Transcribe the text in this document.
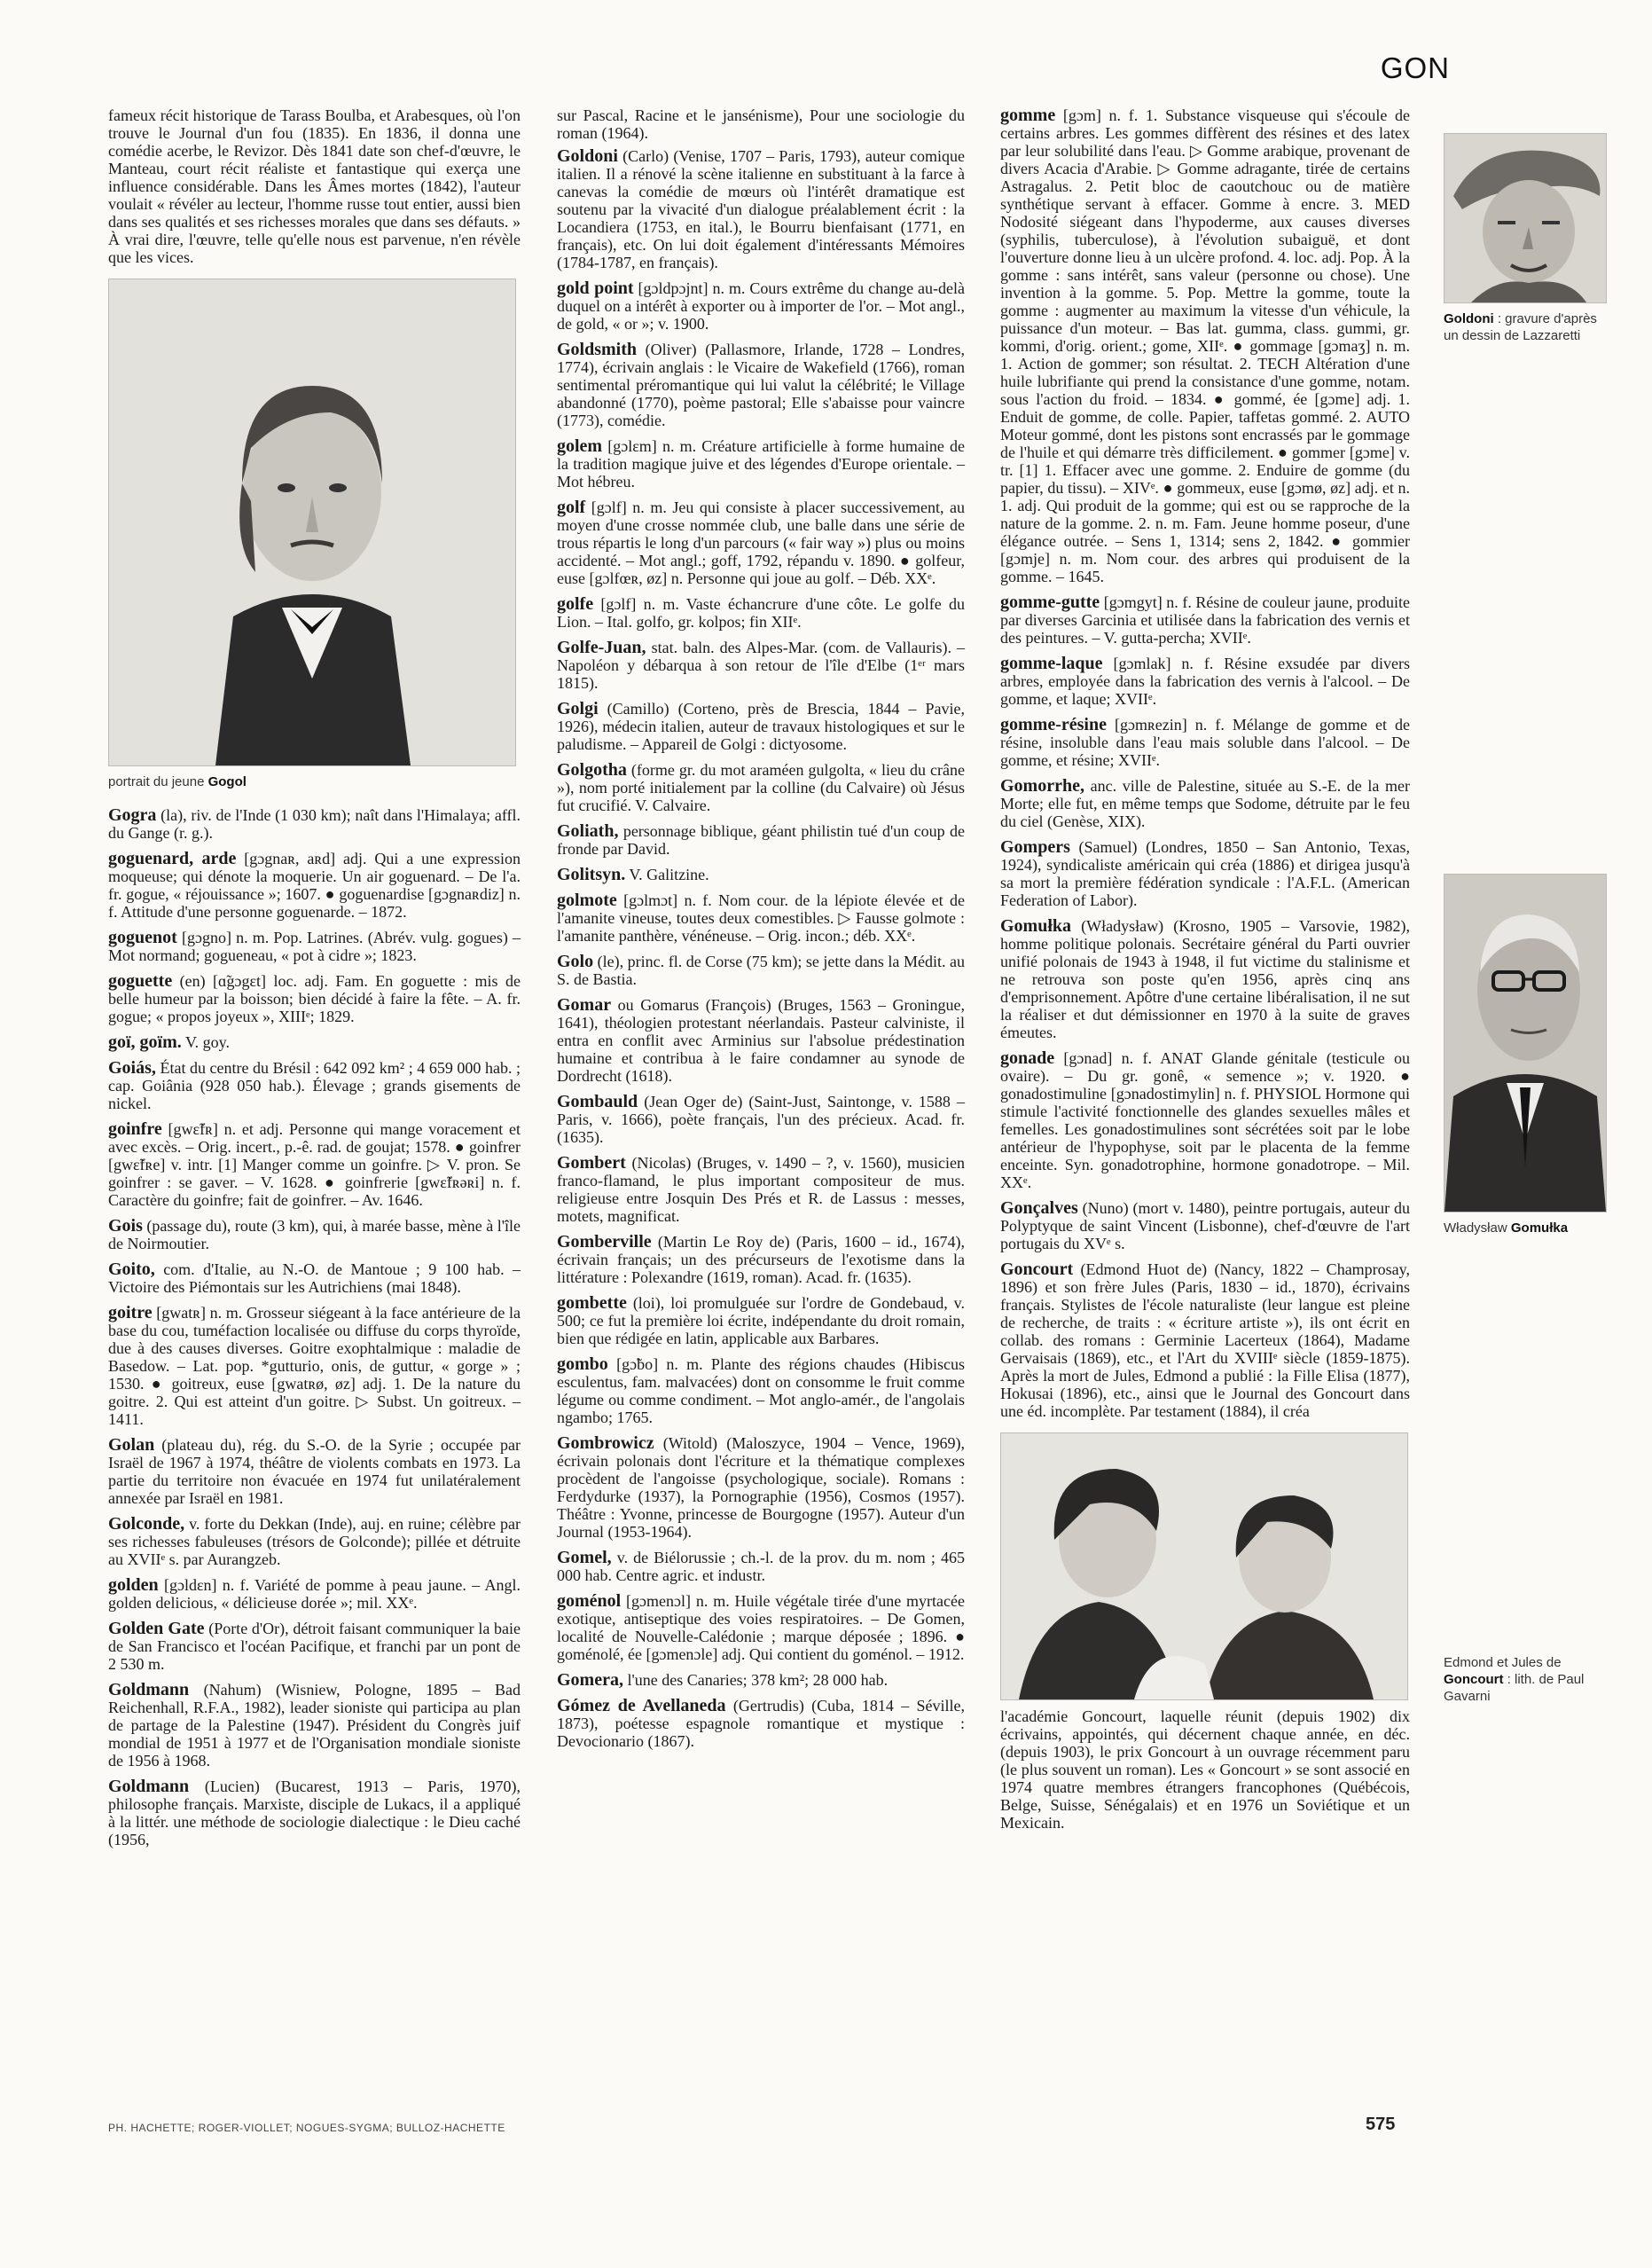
GON
fameux récit historique de Tarass Boulba, et Arabesques, où l'on trouve le Journal d'un fou (1835). En 1836, il donna une comédie acerbe, le Revizor. Dès 1841 date son chef-d'œuvre, le Manteau, court récit réaliste et fantastique qui exerça une influence considérable. Dans les Âmes mortes (1842), l'auteur voulait « révéler au lecteur, l'homme russe tout entier, aussi bien dans ses qualités et ses richesses morales que dans ses défauts. » À vrai dire, l'œuvre, telle qu'elle nous est parvenue, n'en révèle que les vices.
portrait du jeune Gogol
Gogra (la), riv. de l'Inde (1 030 km); naît dans l'Himalaya; affl. du Gange (r. g.).
goguenard, arde [gɔgnaʀ, aʀd] adj. Qui a une expression moqueuse; qui dénote la moquerie. Un air goguenard. – De l'a. fr. gogue, « réjouissance »; 1607. ● goguenardise [gɔgnaʀdiz] n. f. Attitude d'une personne goguenarde. – 1872.
goguenot [gɔgno] n. m. Pop. Latrines. (Abrév. vulg. gogues) – Mot normand; gogueneau, « pot à cidre »; 1823.
goguette (en) [ɑ̃gɔgɛt] loc. adj. Fam. En goguette : mis de belle humeur par la boisson; bien décidé à faire la fête. – A. fr. gogue; « propos joyeux », XIIIᵉ; 1829.
goï, goïm. V. goy.
Goiás, État du centre du Brésil : 642 092 km² ; 4 659 000 hab. ; cap. Goiânia (928 050 hab.). Élevage ; grands gisements de nickel.
goinfre [gwɛ̃fʀ] n. et adj. Personne qui mange voracement et avec excès. – Orig. incert., p.-ê. rad. de goujat; 1578. ● goinfrer [gwɛ̃fʀe] v. intr. [1] Manger comme un goinfre. ▷ V. pron. Se goinfrer : se gaver. – V. 1628. ● goinfrerie [gwɛ̃fʀəʀi] n. f. Caractère du goinfre; fait de goinfrer. – Av. 1646.
Gois (passage du), route (3 km), qui, à marée basse, mène à l'île de Noirmoutier.
Goito, com. d'Italie, au N.-O. de Mantoue ; 9 100 hab. – Victoire des Piémontais sur les Autrichiens (mai 1848).
goitre [gwatʀ] n. m. Grosseur siégeant à la face antérieure de la base du cou, tuméfaction localisée ou diffuse du corps thyroïde, due à des causes diverses. Goitre exophtalmique : maladie de Basedow. – Lat. pop. *gutturio, onis, de guttur, « gorge » ; 1530. ● goitreux, euse [gwatʀø, øz] adj. 1. De la nature du goitre. 2. Qui est atteint d'un goitre. ▷ Subst. Un goitreux. – 1411.
Golan (plateau du), rég. du S.-O. de la Syrie ; occupée par Israël de 1967 à 1974, théâtre de violents combats en 1973. La partie du territoire non évacuée en 1974 fut unilatéralement annexée par Israël en 1981.
Golconde, v. forte du Dekkan (Inde), auj. en ruine; célèbre par ses richesses fabuleuses (trésors de Golconde); pillée et détruite au XVIIᵉ s. par Aurangzeb.
golden [gɔldɛn] n. f. Variété de pomme à peau jaune. – Angl. golden delicious, « délicieuse dorée »; mil. XXᵉ.
Golden Gate (Porte d'Or), détroit faisant communiquer la baie de San Francisco et l'océan Pacifique, et franchi par un pont de 2 530 m.
Goldmann (Nahum) (Wisniew, Pologne, 1895 – Bad Reichenhall, R.F.A., 1982), leader sioniste qui participa au plan de partage de la Palestine (1947). Président du Congrès juif mondial de 1951 à 1977 et de l'Organisation mondiale sioniste de 1956 à 1968.
Goldmann (Lucien) (Bucarest, 1913 – Paris, 1970), philosophe français. Marxiste, disciple de Lukacs, il a appliqué à la littér. une méthode de sociologie dialectique : le Dieu caché (1956,
sur Pascal, Racine et le jansénisme), Pour une sociologie du roman (1964).
Goldoni (Carlo) (Venise, 1707 – Paris, 1793), auteur comique italien. Il a rénové la scène italienne en substituant à la farce à canevas la comédie de mœurs où l'intérêt dramatique est soutenu par la vivacité d'un dialogue préalablement écrit : la Locandiera (1753, en ital.), le Bourru bienfaisant (1771, en français), etc. On lui doit également d'intéressants Mémoires (1784-1787, en français).
gold point [gɔldpɔjnt] n. m. Cours extrême du change au-delà duquel on a intérêt à exporter ou à importer de l'or. – Mot angl., de gold, « or »; v. 1900.
Goldsmith (Oliver) (Pallasmore, Irlande, 1728 – Londres, 1774), écrivain anglais : le Vicaire de Wakefield (1766), roman sentimental préromantique qui lui valut la célébrité; le Village abandonné (1770), poème pastoral; Elle s'abaisse pour vaincre (1773), comédie.
golem [gɔlɛm] n. m. Créature artificielle à forme humaine de la tradition magique juive et des légendes d'Europe orientale. – Mot hébreu.
golf [gɔlf] n. m. Jeu qui consiste à placer successivement, au moyen d'une crosse nommée club, une balle dans une série de trous répartis le long d'un parcours (« fair way ») plus ou moins accidenté. – Mot angl.; goff, 1792, répandu v. 1890. ● golfeur, euse [gɔlfœʀ, øz] n. Personne qui joue au golf. – Déb. XXᵉ.
golfe [gɔlf] n. m. Vaste échancrure d'une côte. Le golfe du Lion. – Ital. golfo, gr. kolpos; fin XIIᵉ.
Golfe-Juan, stat. baln. des Alpes-Mar. (com. de Vallauris). – Napoléon y débarqua à son retour de l'île d'Elbe (1ᵉʳ mars 1815).
Golgi (Camillo) (Corteno, près de Brescia, 1844 – Pavie, 1926), médecin italien, auteur de travaux histologiques et sur le paludisme. – Appareil de Golgi : dictyosome.
Golgotha (forme gr. du mot araméen gulgolta, « lieu du crâne »), nom porté initialement par la colline (du Calvaire) où Jésus fut crucifié. V. Calvaire.
Goliath, personnage biblique, géant philistin tué d'un coup de fronde par David.
Golitsyn. V. Galitzine.
golmote [gɔlmɔt] n. f. Nom cour. de la lépiote élevée et de l'amanite vineuse, toutes deux comestibles. ▷ Fausse golmote : l'amanite panthère, vénéneuse. – Orig. incon.; déb. XXᵉ.
Golo (le), princ. fl. de Corse (75 km); se jette dans la Médit. au S. de Bastia.
Gomar ou Gomarus (François) (Bruges, 1563 – Groningue, 1641), théologien protestant néerlandais. Pasteur calviniste, il entra en conflit avec Arminius sur l'absolue prédestination humaine et contribua à le faire condamner au synode de Dordrecht (1618).
Gombauld (Jean Oger de) (Saint-Just, Saintonge, v. 1588 – Paris, v. 1666), poète français, l'un des précieux. Acad. fr. (1635).
Gombert (Nicolas) (Bruges, v. 1490 – ?, v. 1560), musicien franco-flamand, le plus important compositeur de mus. religieuse entre Josquin Des Prés et R. de Lassus : messes, motets, magnificat.
Gomberville (Martin Le Roy de) (Paris, 1600 – id., 1674), écrivain français; un des précurseurs de l'exotisme dans la littérature : Polexandre (1619, roman). Acad. fr. (1635).
gombette (loi), loi promulguée sur l'ordre de Gondebaud, v. 500; ce fut la première loi écrite, indépendante du droit romain, bien que rédigée en latin, applicable aux Barbares.
gombo [gɔ̃bo] n. m. Plante des régions chaudes (Hibiscus esculentus, fam. malvacées) dont on consomme le fruit comme légume ou comme condiment. – Mot anglo-amér., de l'angolais ngambo; 1765.
Gombrowicz (Witold) (Maloszyce, 1904 – Vence, 1969), écrivain polonais dont l'écriture et la thématique complexes procèdent de l'angoisse (psychologique, sociale). Romans : Ferdydurke (1937), la Pornographie (1956), Cosmos (1957). Théâtre : Yvonne, princesse de Bourgogne (1957). Auteur d'un Journal (1953-1964).
Gomel, v. de Biélorussie ; ch.-l. de la prov. du m. nom ; 465 000 hab. Centre agric. et industr.
goménol [gɔmenɔl] n. m. Huile végétale tirée d'une myrtacée exotique, antiseptique des voies respiratoires. – De Gomen, localité de Nouvelle-Calédonie ; marque déposée ; 1896. ● goménolé, ée [gɔmenɔle] adj. Qui contient du goménol. – 1912.
Gomera, l'une des Canaries; 378 km²; 28 000 hab.
Gómez de Avellaneda (Gertrudis) (Cuba, 1814 – Séville, 1873), poétesse espagnole romantique et mystique : Devocionario (1867).
gomme [gɔm] n. f. 1. Substance visqueuse qui s'écoule de certains arbres. Les gommes diffèrent des résines et des latex par leur solubilité dans l'eau. ▷ Gomme arabique, provenant de divers Acacia d'Arabie. ▷ Gomme adragante, tirée de certains Astragalus. 2. Petit bloc de caoutchouc ou de matière synthétique servant à effacer. Gomme à encre. 3. MED Nodosité siégeant dans l'hypoderme, aux causes diverses (syphilis, tuberculose), à l'évolution subaiguë, et dont l'ouverture donne lieu à un ulcère profond. 4. loc. adj. Pop. À la gomme : sans intérêt, sans valeur (personne ou chose). Une invention à la gomme. 5. Pop. Mettre la gomme, toute la gomme : augmenter au maximum la vitesse d'un véhicule, la puissance d'un moteur. – Bas lat. gumma, class. gummi, gr. kommi, d'orig. orient.; gome, XIIᵉ. ● gommage [gɔmaʒ] n. m. 1. Action de gommer; son résultat. 2. TECH Altération d'une huile lubrifiante qui prend la consistance d'une gomme, notam. sous l'action du froid. – 1834. ● gommé, ée [gɔme] adj. 1. Enduit de gomme, de colle. Papier, taffetas gommé. 2. AUTO Moteur gommé, dont les pistons sont encrassés par le gommage de l'huile et qui démarre très difficilement. ● gommer [gɔme] v. tr. [1] 1. Effacer avec une gomme. 2. Enduire de gomme (du papier, du tissu). – XIVᵉ. ● gommeux, euse [gɔmø, øz] adj. et n. 1. adj. Qui produit de la gomme; qui est ou se rapproche de la nature de la gomme. 2. n. m. Fam. Jeune homme poseur, d'une élégance outrée. – Sens 1, 1314; sens 2, 1842. ● gommier [gɔmje] n. m. Nom cour. des arbres qui produisent de la gomme. – 1645.
gomme-gutte [gɔmgyt] n. f. Résine de couleur jaune, produite par diverses Garcinia et utilisée dans la fabrication des vernis et des peintures. – V. gutta-percha; XVIIᵉ.
gomme-laque [gɔmlak] n. f. Résine exsudée par divers arbres, employée dans la fabrication des vernis à l'alcool. – De gomme, et laque; XVIIᵉ.
gomme-résine [gɔmʀezin] n. f. Mélange de gomme et de résine, insoluble dans l'eau mais soluble dans l'alcool. – De gomme, et résine; XVIIᵉ.
Gomorrhe, anc. ville de Palestine, située au S.-E. de la mer Morte; elle fut, en même temps que Sodome, détruite par le feu du ciel (Genèse, XIX).
Gompers (Samuel) (Londres, 1850 – San Antonio, Texas, 1924), syndicaliste américain qui créa (1886) et dirigea jusqu'à sa mort la première fédération syndicale : l'A.F.L. (American Federation of Labor).
Gomułka (Władysław) (Krosno, 1905 – Varsovie, 1982), homme politique polonais. Secrétaire général du Parti ouvrier unifié polonais de 1943 à 1948, il fut victime du stalinisme et ne retrouva son poste qu'en 1956, après cinq ans d'emprisonnement. Apôtre d'une certaine libéralisation, il ne sut la réaliser et dut démissionner en 1970 à la suite de graves émeutes.
gonade [gɔnad] n. f. ANAT Glande génitale (testicule ou ovaire). – Du gr. gonê, « semence »; v. 1920. ● gonadostimuline [gɔnadostimylin] n. f. PHYSIOL Hormone qui stimule l'activité fonctionnelle des glandes sexuelles mâles et femelles. Les gonadostimulines sont sécrétées soit par le lobe antérieur de l'hypophyse, soit par le placenta de la femme enceinte. Syn. gonadotrophine, hormone gonadotrope. – Mil. XXᵉ.
Gonçalves (Nuno) (mort v. 1480), peintre portugais, auteur du Polyptyque de saint Vincent (Lisbonne), chef-d'œuvre de l'art portugais du XVᵉ s.
Goncourt (Edmond Huot de) (Nancy, 1822 – Champrosay, 1896) et son frère Jules (Paris, 1830 – id., 1870), écrivains français. Stylistes de l'école naturaliste (leur langue est pleine de recherche, de traits : « écriture artiste »), ils ont écrit en collab. des romans : Germinie Lacerteux (1864), Madame Gervaisais (1869), etc., et l'Art du XVIIIᵉ siècle (1859-1875). Après la mort de Jules, Edmond a publié : la Fille Elisa (1877), Hokusai (1896), etc., ainsi que le Journal des Goncourt dans une éd. incomplète. Par testament (1884), il créa
l'académie Goncourt, laquelle réunit (depuis 1902) dix écrivains, appointés, qui décernent chaque année, en déc. (depuis 1903), le prix Goncourt à un ouvrage récemment paru (le plus souvent un roman). Les « Goncourt » se sont associé en 1974 quatre membres étrangers francophones (Québécois, Belge, Suisse, Sénégalais) et en 1976 un Soviétique et un Mexicain.
Goldoni : gravure d'après un dessin de Lazzaretti
Władysław Gomułka
Edmond et Jules de Goncourt : lith. de Paul Gavarni
PH. HACHETTE; ROGER-VIOLLET; NOGUES-SYGMA; BULLOZ-HACHETTE	575
